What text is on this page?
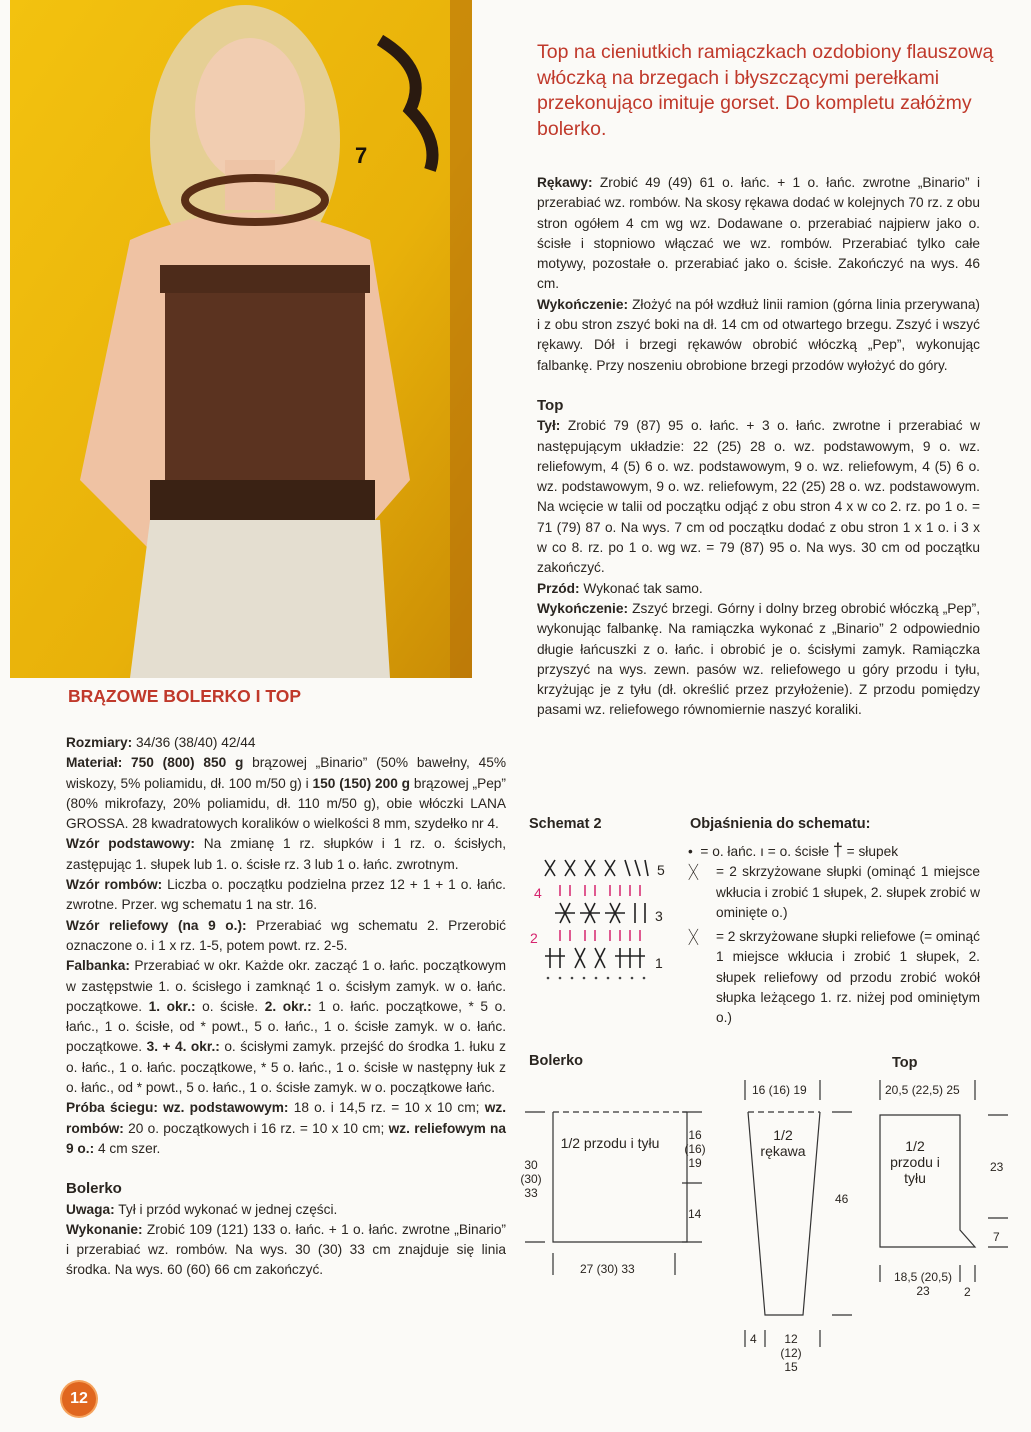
7
Top na cieniutkich ramiączkach ozdobiony flauszową włóczką na brzegach i błyszczącymi perełkami przekonująco imituje gorset. Do kompletu załóżmy bolerko.

Rękawy: Zrobić 49 (49) 61 o. łańc. + 1 o. łańc. zwrotne „Binario” i przerabiać wz. rombów. Na skosy rękawa dodać w kolejnych 70 rz. z obu stron ogółem 4 cm wg wz. Dodawane o. przerabiać najpierw jako o. ścisłe i stopniowo włączać we wz. rombów. Przerabiać tylko całe motywy, pozostałe o. przerabiać jako o. ścisłe. Zakończyć na wys. 46 cm.

Wykończenie: Złożyć na pół wzdłuż linii ramion (górna linia przerywana) i z obu stron zszyć boki na dł. 14 cm od otwartego brzegu. Zszyć i wszyć rękawy. Dół i brzegi rękawów obrobić włóczką „Pep”, wykonując falbankę. Przy noszeniu obrobione brzegi przodów wyłożyć do góry.

Top

Tył: Zrobić 79 (87) 95 o. łańc. + 3 o. łańc. zwrotne i przerabiać w następującym układzie: 22 (25) 28 o. wz. podstawowym, 9 o. wz. reliefowym, 4 (5) 6 o. wz. podstawowym, 9 o. wz. reliefowym, 4 (5) 6 o. wz. podstawowym, 9 o. wz. reliefowym, 22 (25) 28 o. wz. podstawowym. Na wcięcie w talii od początku odjąć z obu stron 4 x w co 2. rz. po 1 o. = 71 (79) 87 o. Na wys. 7 cm od początku dodać z obu stron 1 x 1 o. i 3 x w co 8. rz. po 1 o. wg wz. = 79 (87) 95 o. Na wys. 30 cm od początku zakończyć.

Przód: Wykonać tak samo.

Wykończenie: Zszyć brzegi. Górny i dolny brzeg obrobić włóczką „Pep”, wykonując falbankę. Na ramiączka wykonać z „Binario” 2 odpowiednio długie łańcuszki z o. łańc. i obrobić je o. ścisłymi zamyk. Ramiączka przyszyć na wys. zewn. pasów wz. reliefowego u góry przodu i tyłu, krzyżując je z tyłu (dł. określić przez przyłożenie). Z przodu pomiędzy pasami wz. reliefowego równomiernie naszyć koraliki.

BRĄZOWE BOLERKO I TOP

Rozmiary: 34/36 (38/40) 42/44

Materiał: 750 (800) 850 g brązowej „Binario” (50% bawełny, 45% wiskozy, 5% poliamidu, dł. 100 m/50 g) i 150 (150) 200 g brązowej „Pep” (80% mikrofazy, 20% poliamidu, dł. 110 m/50 g), obie włóczki LANA GROSSA. 28 kwadratowych koralików o wielkości 8 mm, szydełko nr 4.

Wzór podstawowy: Na zmianę 1 rz. słupków i 1 rz. o. ścisłych, zastępując 1. słupek lub 1. o. ścisłe rz. 3 lub 1 o. łańc. zwrotnym.

Wzór rombów: Liczba o. początku podzielna przez 12 + 1 + 1 o. łańc. zwrotne. Przer. wg schematu 1 na str. 16.

Wzór reliefowy (na 9 o.): Przerabiać wg schematu 2. Przerobić oznaczone o. i 1 x rz. 1-5, potem powt. rz. 2-5.

Falbanka: Przerabiać w okr. Każde okr. zacząć 1 o. łańc. początkowym w zastępstwie 1. o. ścisłego i zamknąć 1 o. ścisłym zamyk. w o. łańc. początkowe. 1. okr.: o. ścisłe. 2. okr.: 1 o. łańc. początkowe, * 5 o. łańc., 1 o. ścisłe, od * powt., 5 o. łańc., 1 o. ścisłe zamyk. w o. łańc. początkowe. 3. + 4. okr.: o. ścisłymi zamyk. przejść do środka 1. łuku z o. łańc., 1 o. łańc. początkowe, * 5 o. łańc., 1 o. ścisłe w następny łuk z o. łańc., od * powt., 5 o. łańc., 1 o. ścisłe zamyk. w o. początkowe łańc.

Próba ściegu: wz. podstawowym: 18 o. i 14,5 rz. = 10 x 10 cm; wz. rombów: 20 o. początkowych i 16 rz. = 10 x 10 cm; wz. reliefowym na 9 o.: 4 cm szer.

Bolerko

Uwaga: Tył i przód wykonać w jednej części.

Wykonanie: Zrobić 109 (121) 133 o. łańc. + 1 o. łańc. zwrotne „Binario” i przerabiać wz. rombów. Na wys. 30 (30) 33 cm znajduje się linia środka. Na wys. 60 (60) 66 cm zakończyć.

Schemat 2
5
4
3
2
1
Objaśnienia do schematu:

• = o. łańc. ı = o. ścisłe † = słupek

ᚷ = 2 skrzyżowane słupki (ominąć 1 miejsce wkłucia i zrobić 1 słupek, 2. słupek zrobić w ominięte o.)

ᚷ = 2 skrzyżowane słupki reliefowe (= ominąć 1 miejsce wkłucia i zrobić 1 słupek, 2. słupek reliefowy od przodu zrobić wokół słupka leżącego 1. rz. niżej pod ominiętym o.)

Bolerko	Top
1/2 przodu i tyłu
30 (30) 33
16 (16) 19
14
27 (30) 33
16 (16) 19
1/2 rękawa
46
4	12 (12) 15
20,5 (22,5) 25
1/2 przodu i tyłu
23
7
18,5 (20,5) 23	2
12
